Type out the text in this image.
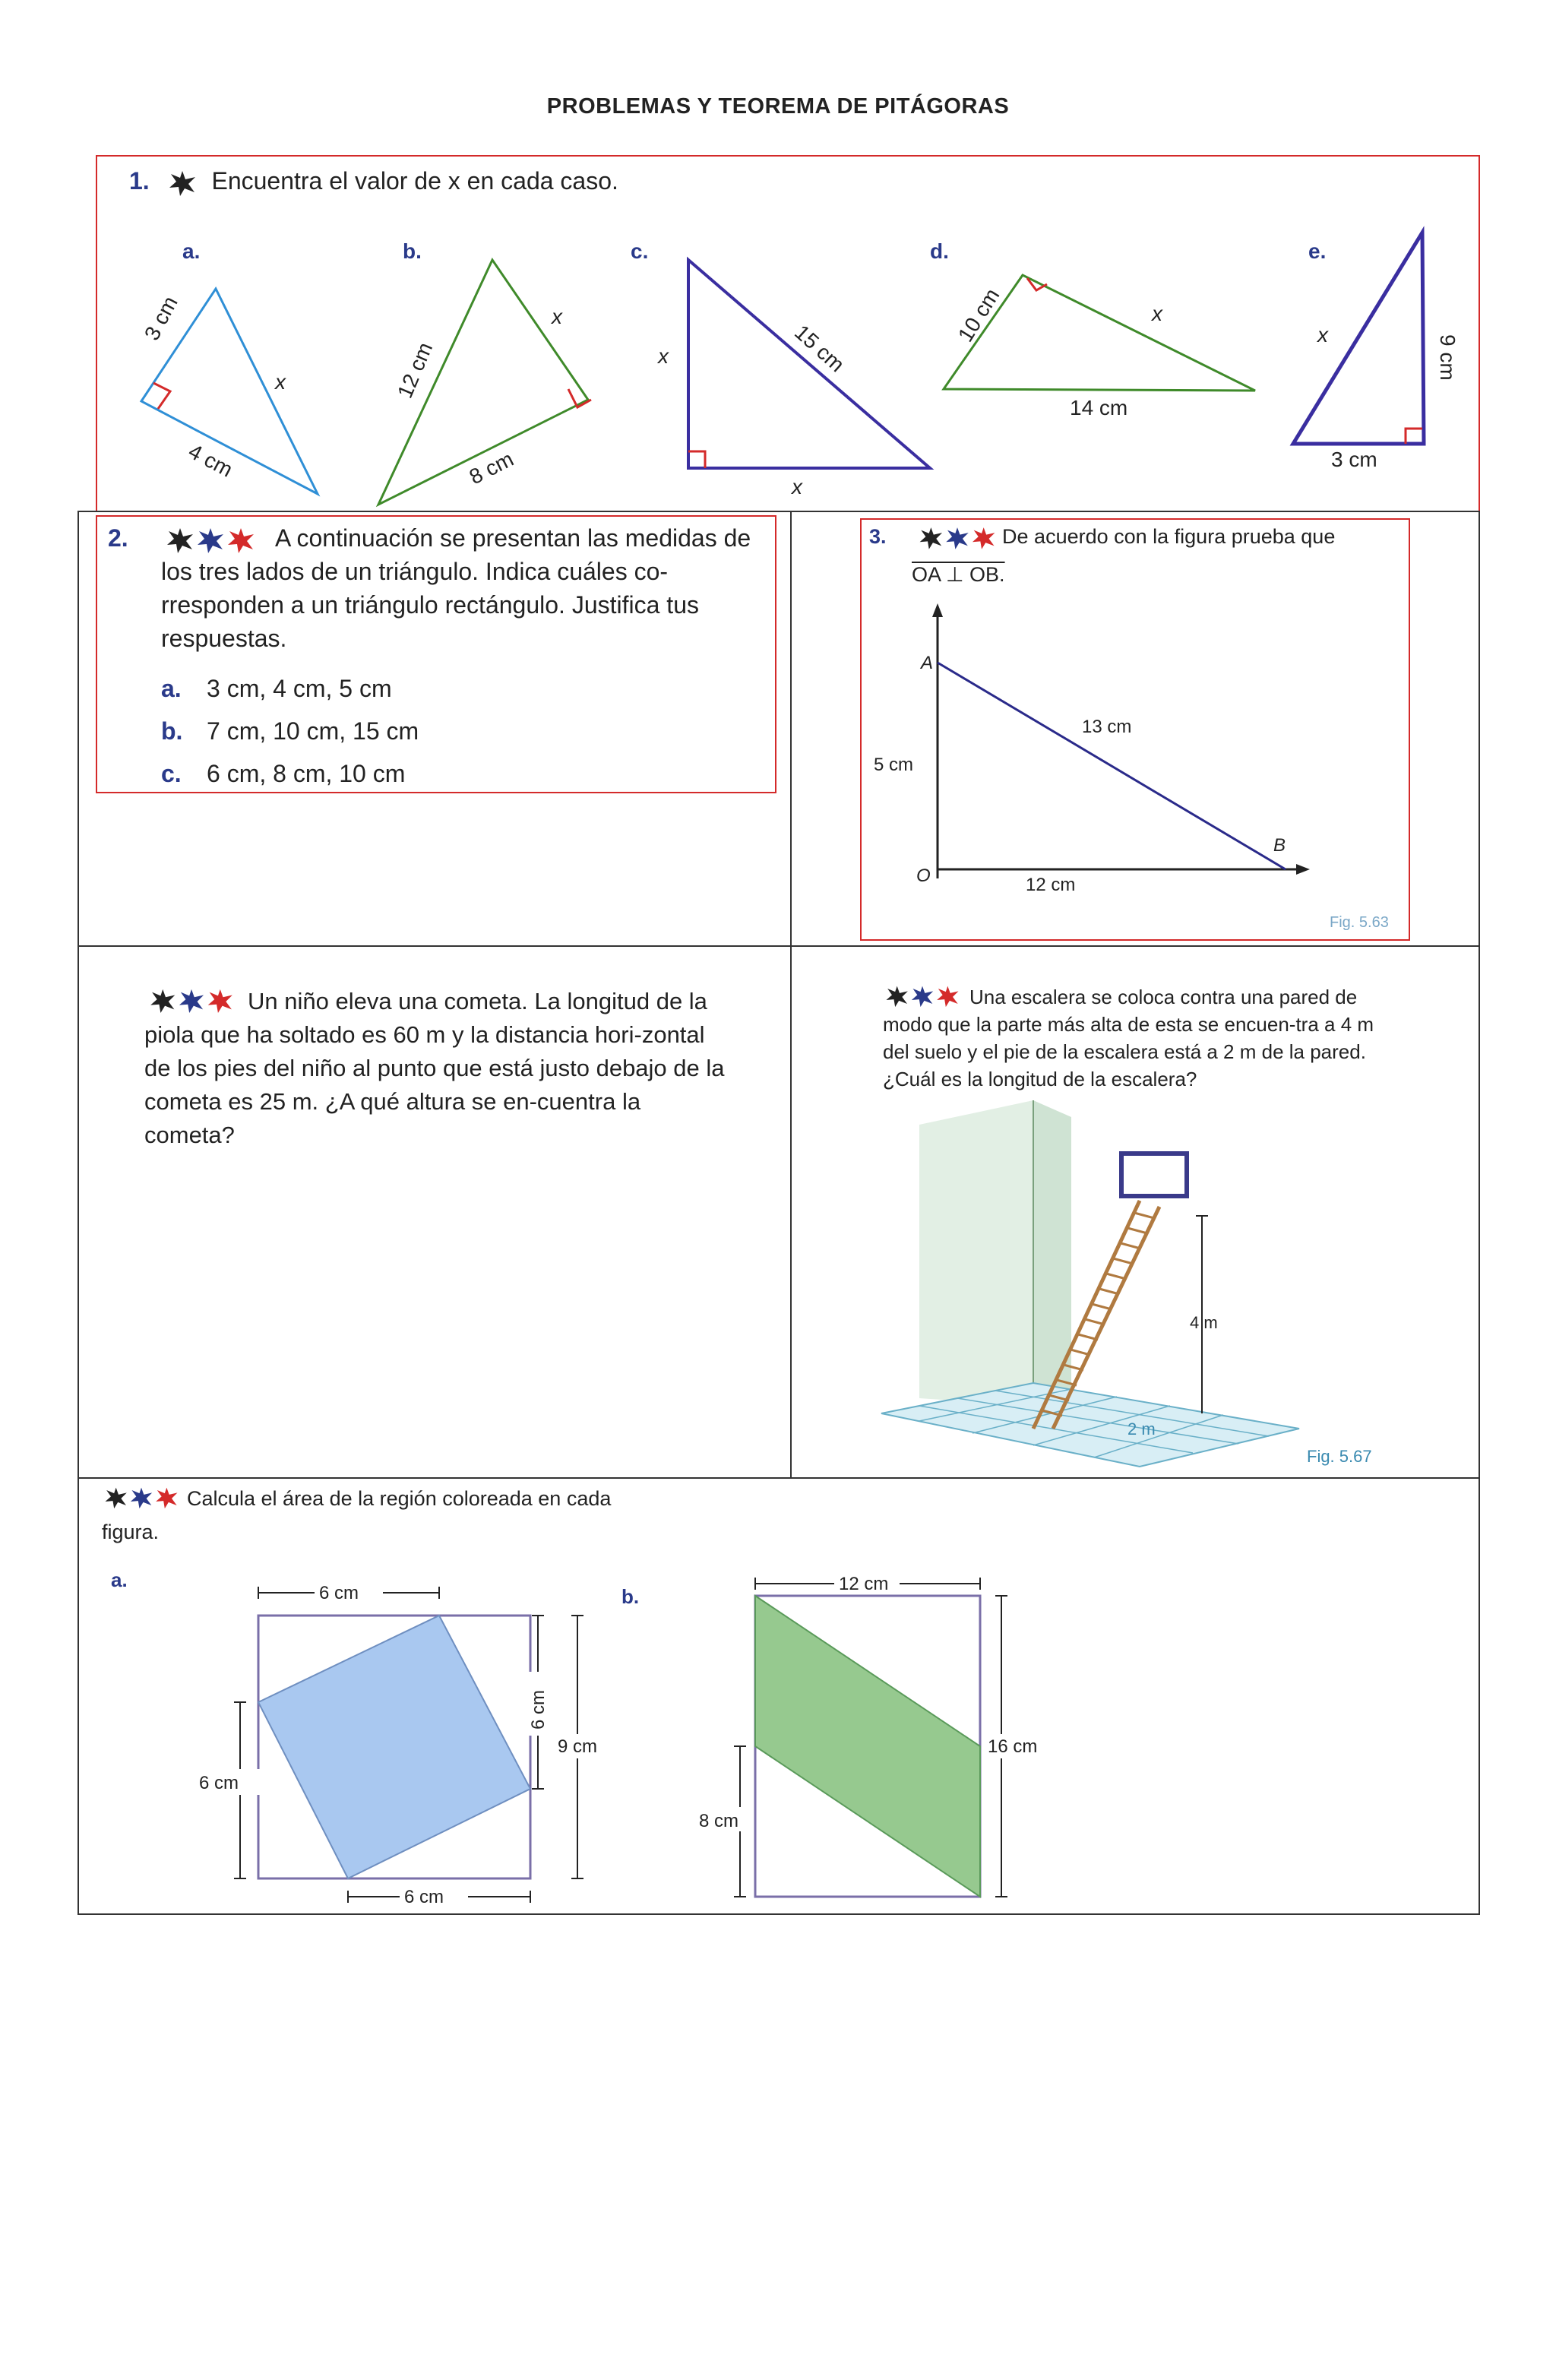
PROBLEMAS Y TEOREMA DE PITÁGORAS
1.	Encuentra el valor de x en cada caso.
a.
3 cm
x
4 cm
b.
12 cm
x
8 cm
c.
x	15 cm
x
d.
10 cm	x
14 cm
e.
x	9 cm
3 cm
2.	A continuación se presentan las medidas de los tres lados de un triángulo. Indica cuáles co-rresponden a un triángulo rectángulo. Justifica tus respuestas.
a. 3 cm, 4 cm, 5 cm
b. 7 cm, 10 cm, 15 cm
c. 6 cm, 8 cm, 10 cm
3.	De acuerdo con la figura prueba que
OA ⊥ OB.
A
B
O
5 cm
13 cm
12 cm
Fig. 5.63
Un niño eleva una cometa. La longitud de la piola que ha soltado es 60 m y la distancia hori-zontal de los pies del niño al punto que está justo debajo de la cometa es 25 m. ¿A qué altura se en-cuentra la cometa?
Una escalera se coloca contra una pared de modo que la parte más alta de esta se encuen-tra a 4 m del suelo y el pie de la escalera está a 2 m de la pared. ¿Cuál es la longitud de la escalera?
4 m
2 m
Fig. 5.67
Calcula el área de la región coloreada en cada figura.
a.
6 cm
6 cm
6 cm
6 cm
9 cm
b.
12 cm
16 cm
8 cm
